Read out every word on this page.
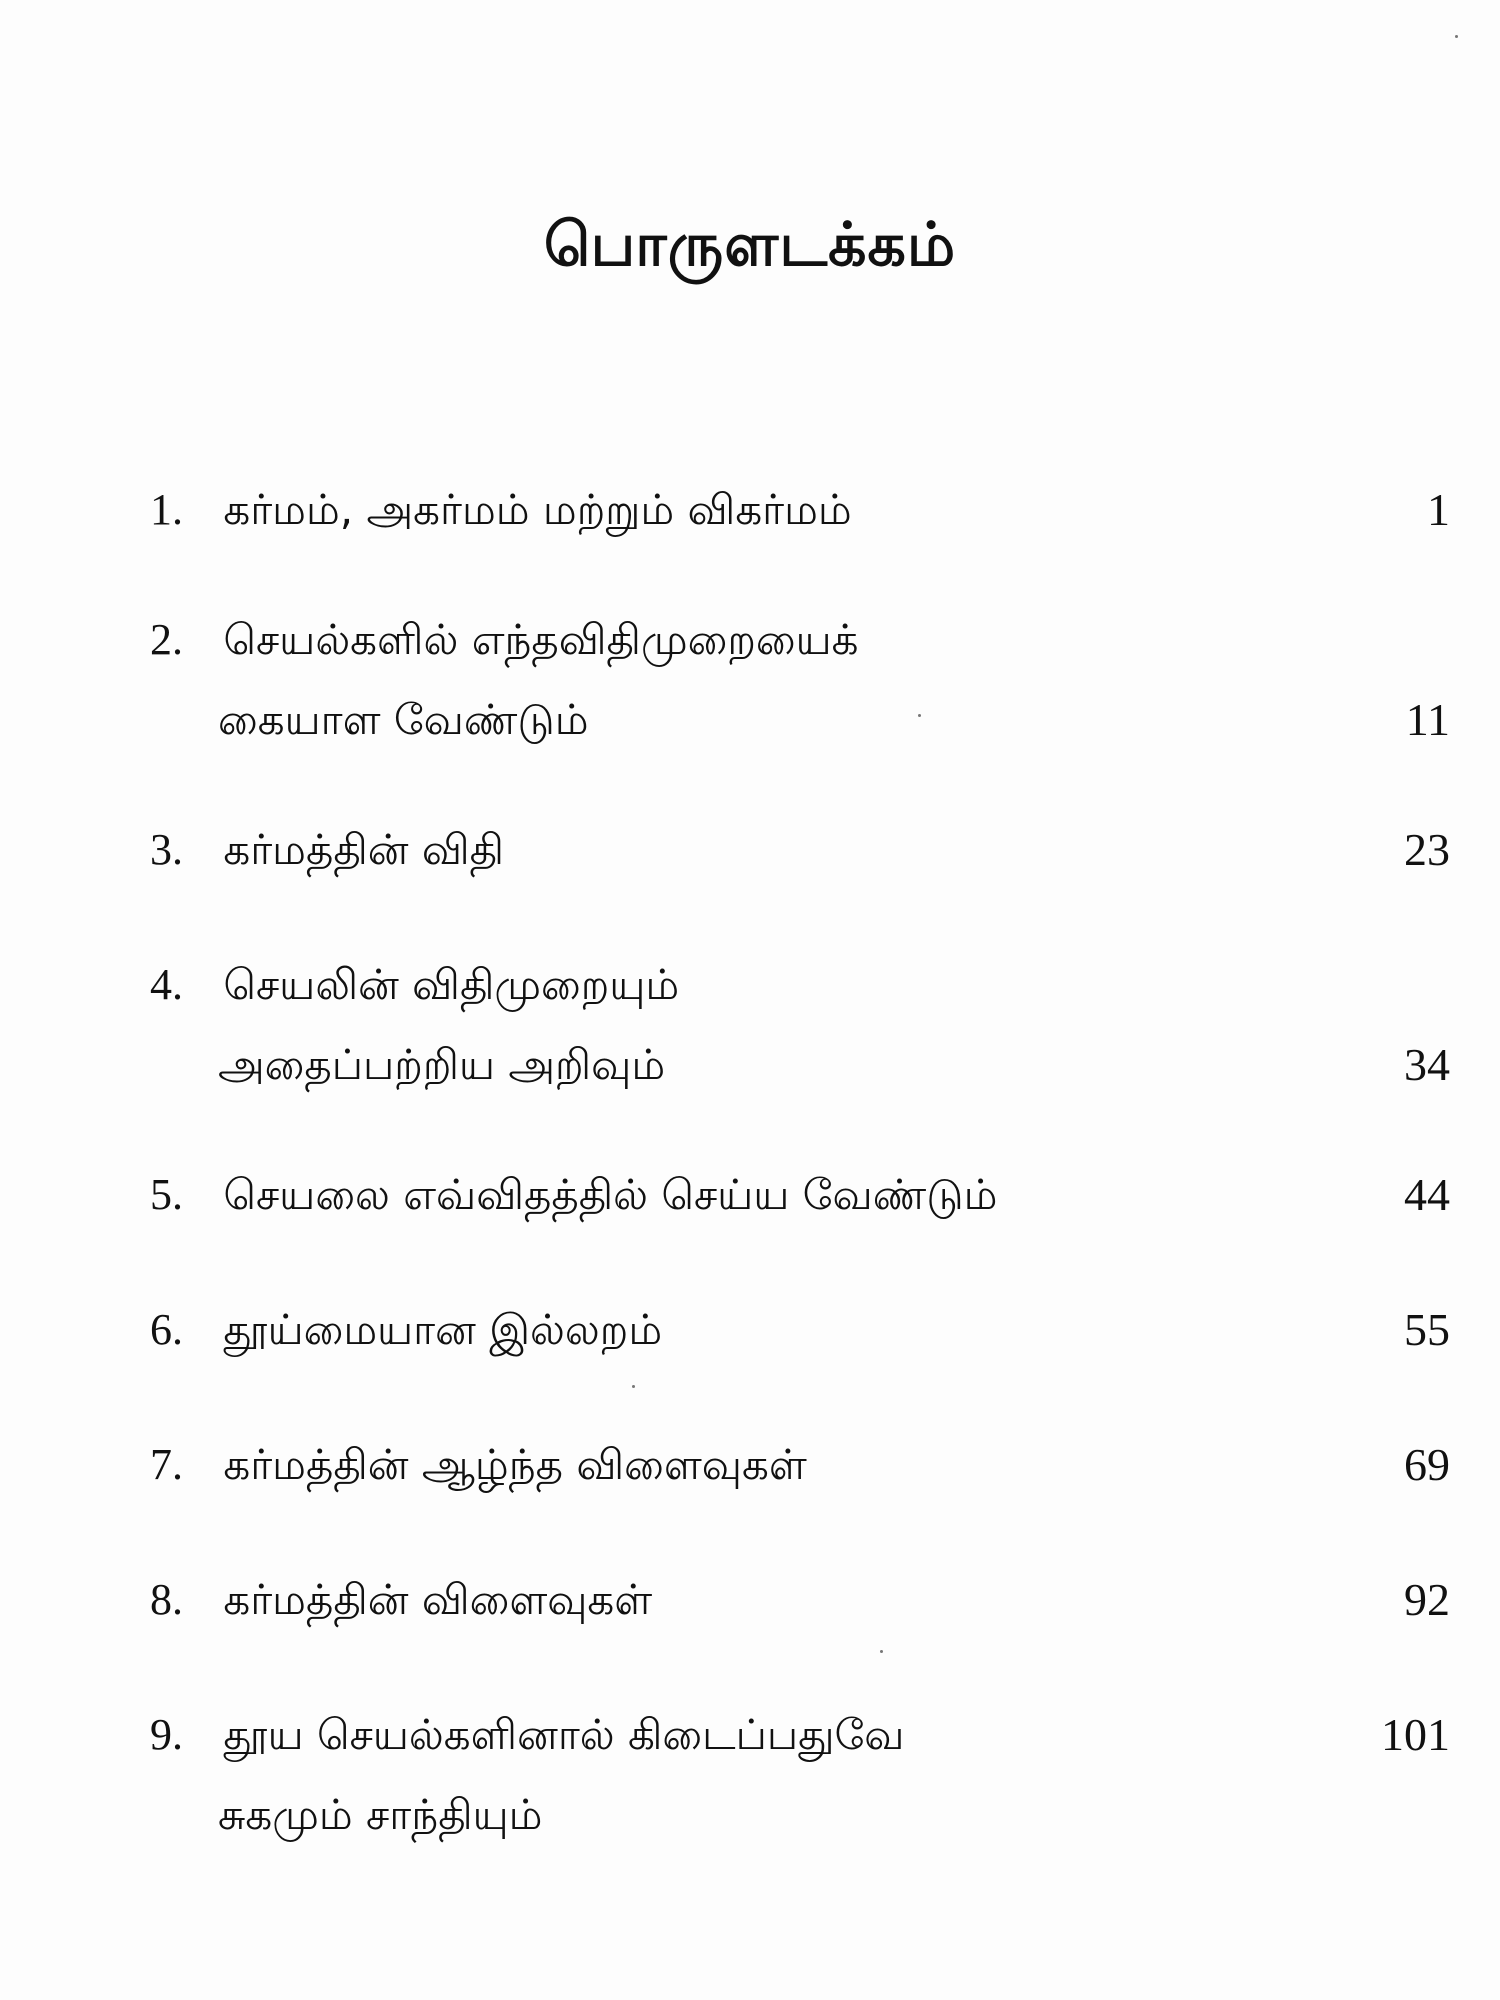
பொருளடக்கம்
1. கர்மம், அகர்மம் மற்றும் விகர்மம்	1
2. செயல்களில் எந்தவிதிமுறையைக்
கையாள வேண்டும்	11
3. கர்மத்தின் விதி	23
4. செயலின் விதிமுறையும்
அதைப்பற்றிய அறிவும்	34
5. செயலை எவ்விதத்தில் செய்ய வேண்டும்	44
6. தூய்மையான இல்லறம்	55
7. கர்மத்தின் ஆழ்ந்த விளைவுகள்	69
8. கர்மத்தின் விளைவுகள்	92
9. தூய செயல்களினால் கிடைப்பதுவே	101
சுகமும் சாந்தியும்
